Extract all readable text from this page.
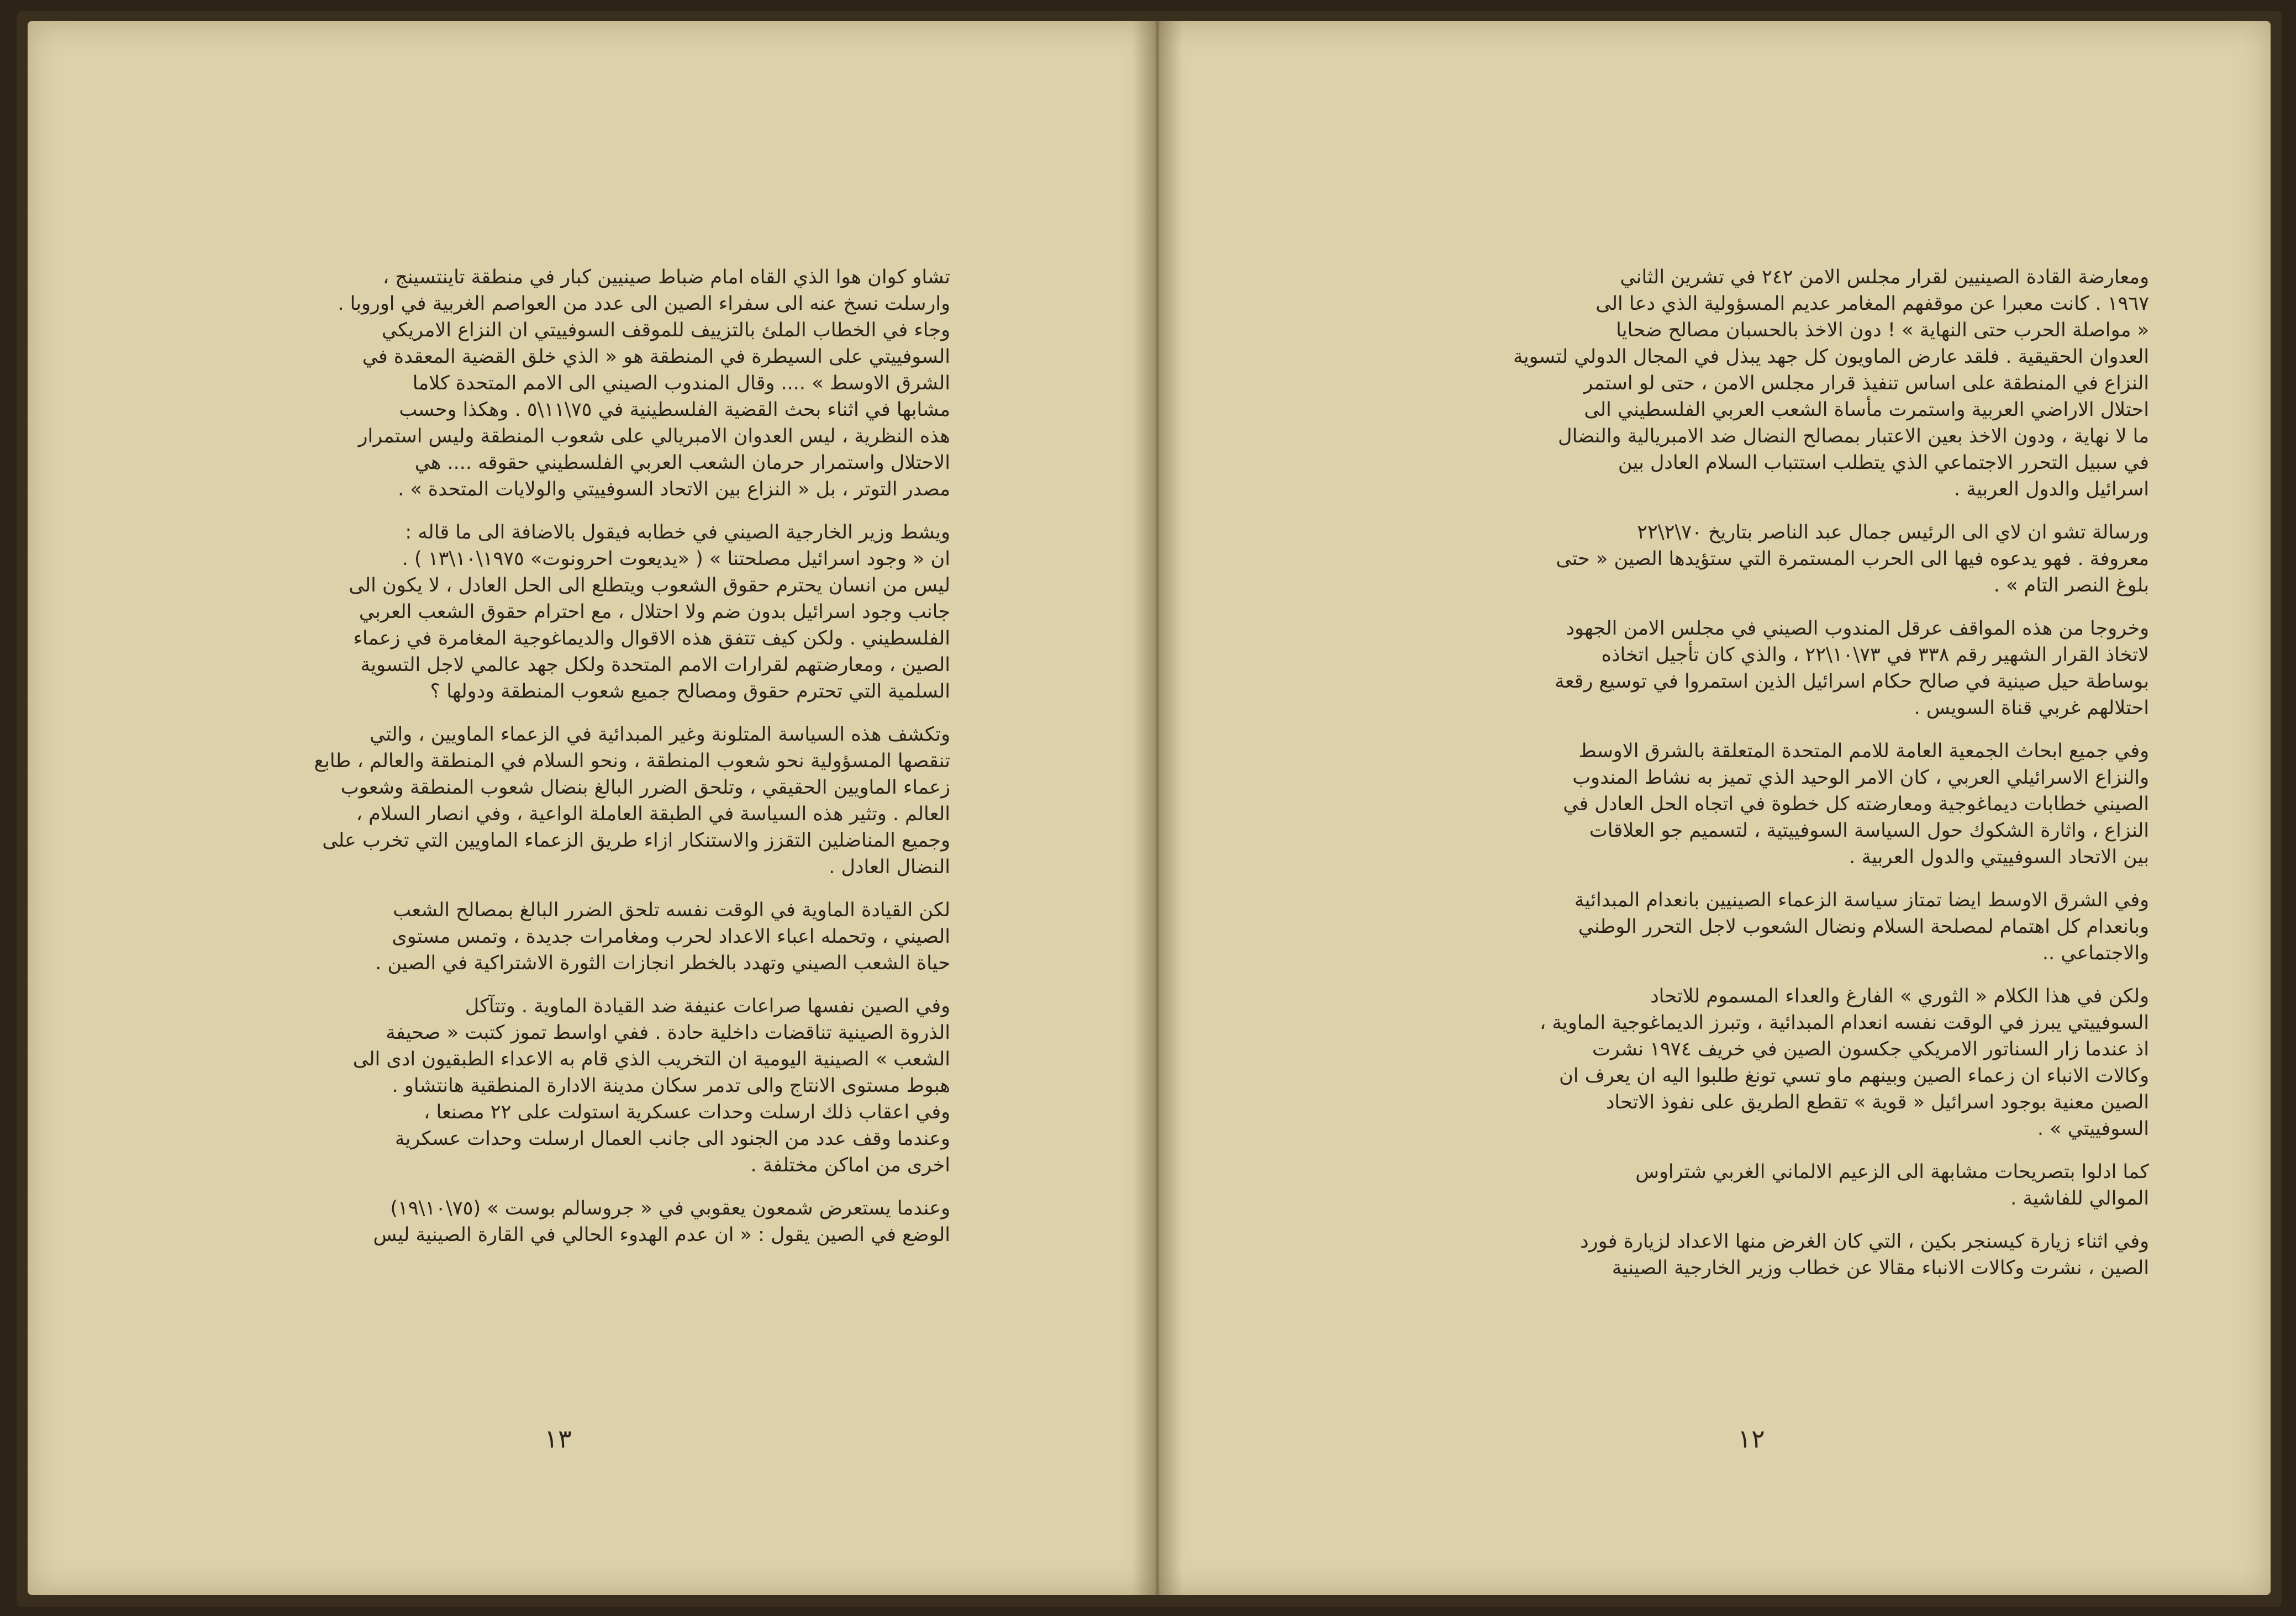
تشاو كوان هوا الذي القاه امام ضباط صينيين كبار في منطقة تاينتسينج ،
وارسلت نسخ عنه الى سفراء الصين الى عدد من العواصم الغربية في اوروبا .
وجاء في الخطاب الملئ بالتزييف للموقف السوفييتي ان النزاع الامريكي
السوفييتي على السيطرة في المنطقة هو « الذي خلق القضية المعقدة في
الشرق الاوسط » .... وقال المندوب الصيني الى الامم المتحدة كلاما
مشابها في اثناء بحث القضية الفلسطينية في ٧٥\١١\٥ . وهكذا وحسب
هذه النظرية ، ليس العدوان الامبريالي على شعوب المنطقة وليس استمرار
الاحتلال واستمرار حرمان الشعب العربي الفلسطيني حقوقه .... هي
مصدر التوتر ، بل « النزاع بين الاتحاد السوفييتي والولايات المتحدة » .

ويشط وزير الخارجية الصيني في خطابه فيقول بالاضافة الى ما قاله :
ان « وجود اسرائيل مصلحتنا » ( «يديعوت احرونوت» ١٩٧٥\١٠\١٣ ) .
ليس من انسان يحترم حقوق الشعوب ويتطلع الى الحل العادل ، لا يكون الى
جانب وجود اسرائيل بدون ضم ولا احتلال ، مع احترام حقوق الشعب العربي
الفلسطيني . ولكن كيف تتفق هذه الاقوال والديماغوجية المغامرة في زعماء
الصين ، ومعارضتهم لقرارات الامم المتحدة ولكل جهد عالمي لاجل التسوية
السلمية التي تحترم حقوق ومصالح جميع شعوب المنطقة ودولها ؟

وتكشف هذه السياسة المتلونة وغير المبدائية في الزعماء الماويين ، والتي
تنقصها المسؤولية نحو شعوب المنطقة ، ونحو السلام في المنطقة والعالم ، طابع
زعماء الماويين الحقيقي ، وتلحق الضرر البالغ بنضال شعوب المنطقة وشعوب
العالم . وتثير هذه السياسة في الطبقة العاملة الواعية ، وفي انصار السلام ،
وجميع المناضلين التقزز والاستنكار ازاء طريق الزعماء الماويين التي تخرب على
النضال العادل .

لكن القيادة الماوية في الوقت نفسه تلحق الضرر البالغ بمصالح الشعب
الصيني ، وتحمله اعباء الاعداد لحرب ومغامرات جديدة ، وتمس مستوى
حياة الشعب الصيني وتهدد بالخطر انجازات الثورة الاشتراكية في الصين .

وفي الصين نفسها صراعات عنيفة ضد القيادة الماوية . وتتآكل
الذروة الصينية تناقضات داخلية حادة . ففي اواسط تموز كتبت « صحيفة
الشعب » الصينية اليومية ان التخريب الذي قام به الاعداء الطبقيون ادى الى
هبوط مستوى الانتاج والى تدمر سكان مدينة الادارة المنطقية هانتشاو .
وفي اعقاب ذلك ارسلت وحدات عسكرية استولت على ٢٢ مصنعا ،
وعندما وقف عدد من الجنود الى جانب العمال ارسلت وحدات عسكرية
اخرى من اماكن مختلفة .

وعندما يستعرض شمعون يعقوبي في « جروسالم بوست » (٧٥\١٠\١٩)
الوضع في الصين يقول : « ان عدم الهدوء الحالي في القارة الصينية ليس

١٣

ومعارضة القادة الصينيين لقرار مجلس الامن ٢٤٢ في تشرين الثاني
١٩٦٧ . كانت معبرا عن موقفهم المغامر عديم المسؤولية الذي دعا الى
« مواصلة الحرب حتى النهاية » ! دون الاخذ بالحسبان مصالح ضحايا
العدوان الحقيقية . فلقد عارض الماويون كل جهد يبذل في المجال الدولي لتسوية
النزاع في المنطقة على اساس تنفيذ قرار مجلس الامن ، حتى لو استمر
احتلال الاراضي العربية واستمرت مأساة الشعب العربي الفلسطيني الى
ما لا نهاية ، ودون الاخذ بعين الاعتبار بمصالح النضال ضد الامبريالية والنضال
في سبيل التحرر الاجتماعي الذي يتطلب استتباب السلام العادل بين
اسرائيل والدول العربية .

ورسالة تشو ان لاي الى الرئيس جمال عبد الناصر بتاريخ ٧٠\٢\٢٢
معروفة . فهو يدعوه فيها الى الحرب المستمرة التي ستؤيدها الصين « حتى
بلوغ النصر التام » .

وخروجا من هذه المواقف عرقل المندوب الصيني في مجلس الامن الجهود
لاتخاذ القرار الشهير رقم ٣٣٨ في ٧٣\١٠\٢٢ ، والذي كان تأجيل اتخاذه
بوساطة حيل صينية في صالح حكام اسرائيل الذين استمروا في توسيع رقعة
احتلالهم غربي قناة السويس .

وفي جميع ابحاث الجمعية العامة للامم المتحدة المتعلقة بالشرق الاوسط
والنزاع الاسرائيلي العربي ، كان الامر الوحيد الذي تميز به نشاط المندوب
الصيني خطابات ديماغوجية ومعارضته كل خطوة في اتجاه الحل العادل في
النزاع ، واثارة الشكوك حول السياسة السوفييتية ، لتسميم جو العلاقات
بين الاتحاد السوفييتي والدول العربية .

وفي الشرق الاوسط ايضا تمتاز سياسة الزعماء الصينيين بانعدام المبدائية
وبانعدام كل اهتمام لمصلحة السلام ونضال الشعوب لاجل التحرر الوطني
والاجتماعي ..

ولكن في هذا الكلام « الثوري » الفارغ والعداء المسموم للاتحاد
السوفييتي يبرز في الوقت نفسه انعدام المبدائية ، وتبرز الديماغوجية الماوية ،
اذ عندما زار السناتور الامريكي جكسون الصين في خريف ١٩٧٤ نشرت
وكالات الانباء ان زعماء الصين وبينهم ماو تسي تونغ طلبوا اليه ان يعرف ان
الصين معنية بوجود اسرائيل « قوية » تقطع الطريق على نفوذ الاتحاد
السوفييتي » .

كما ادلوا بتصريحات مشابهة الى الزعيم الالماني الغربي شتراوس
الموالي للفاشية .

وفي اثناء زيارة كيسنجر بكين ، التي كان الغرض منها الاعداد لزيارة فورد
الصين ، نشرت وكالات الانباء مقالا عن خطاب وزير الخارجية الصينية

١٢
